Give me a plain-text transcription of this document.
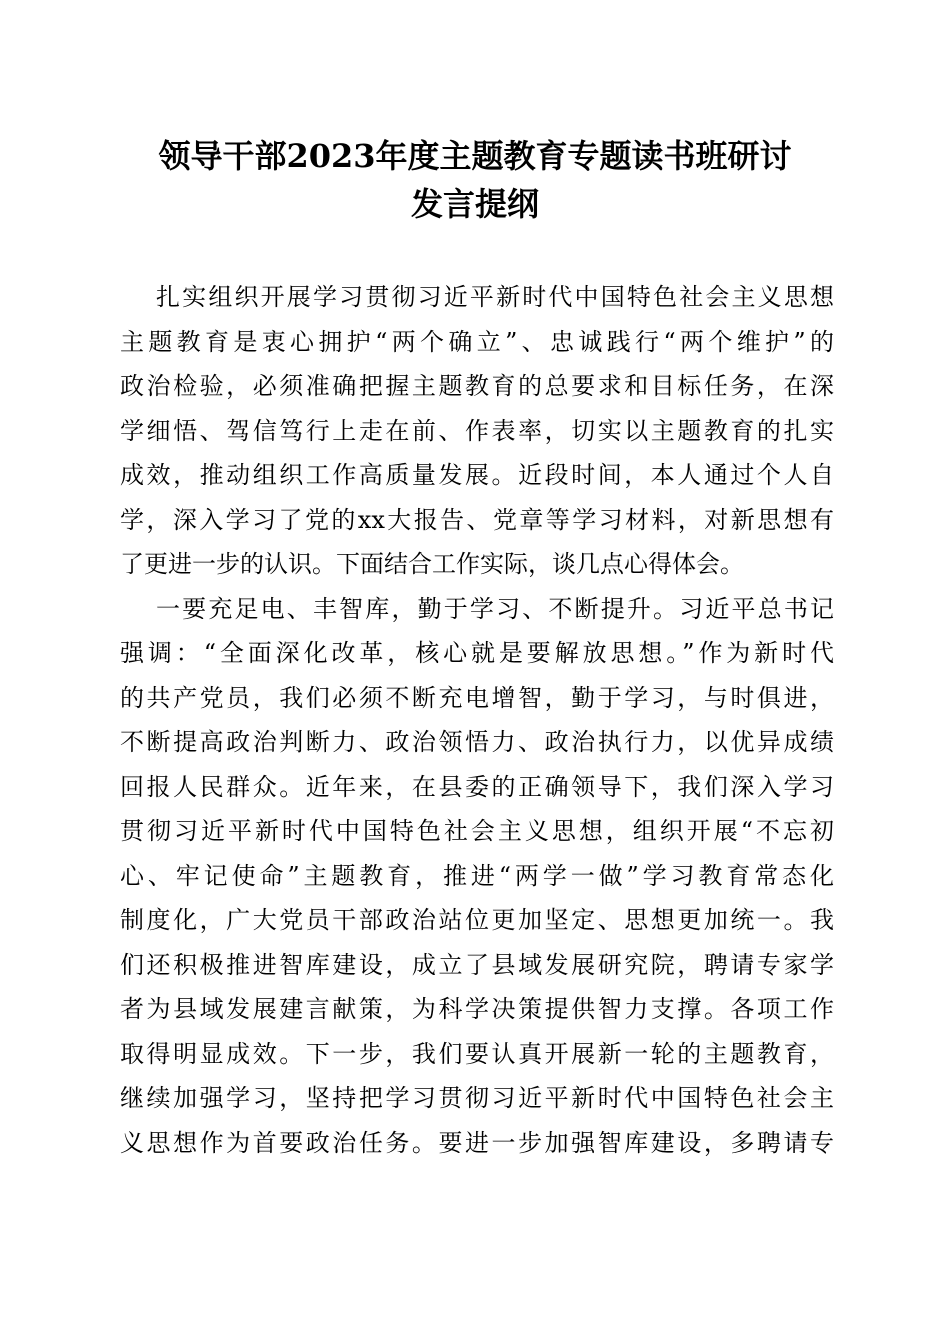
领导干部2023年度主题教育专题读书班研讨
发言提纲
扎实组织开展学习贯彻习近平新时代中国特色社会主义思想
主题教育是衷心拥护“两个确立”、忠诚践行“两个维护”的
政治检验，必须准确把握主题教育的总要求和目标任务，在深
学细悟、驾信笃行上走在前、作表率，切实以主题教育的扎实
成效，推动组织工作高质量发展。近段时间，本人通过个人自
学，深入学习了党的xx大报告、党章等学习材料，对新思想有
了更进一步的认识。下面结合工作实际，谈几点心得体会。
一要充足电、丰智库，勤于学习、不断提升。习近平总书记
强调：“全面深化改革，核心就是要解放思想。”作为新时代
的共产党员，我们必须不断充电增智，勤于学习，与时俱进，
不断提高政治判断力、政治领悟力、政治执行力，以优异成绩
回报人民群众。近年来，在县委的正确领导下，我们深入学习
贯彻习近平新时代中国特色社会主义思想，组织开展“不忘初
心、牢记使命”主题教育，推进“两学一做”学习教育常态化
制度化，广大党员干部政治站位更加坚定、思想更加统一。我
们还积极推进智库建设，成立了县域发展研究院，聘请专家学
者为县域发展建言献策，为科学决策提供智力支撑。各项工作
取得明显成效。下一步，我们要认真开展新一轮的主题教育，
继续加强学习，坚持把学习贯彻习近平新时代中国特色社会主
义思想作为首要政治任务。要进一步加强智库建设，多聘请专
